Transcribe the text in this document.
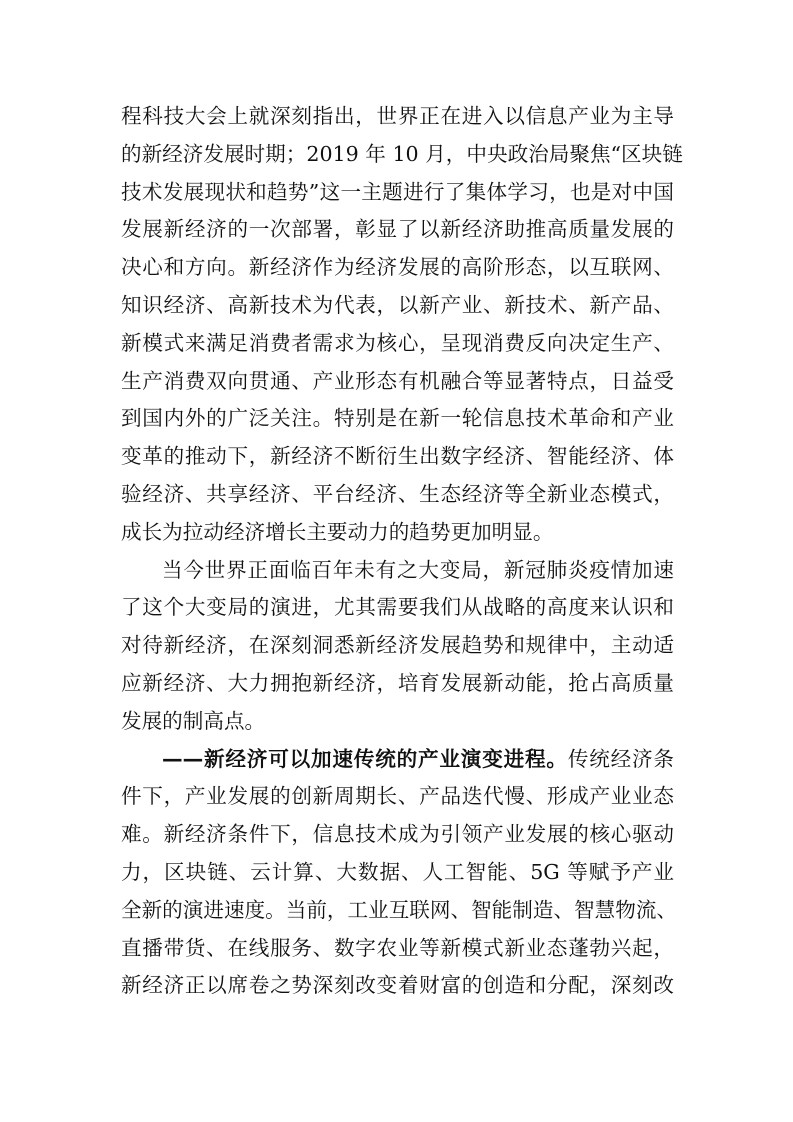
程科技大会上就深刻指出，世界正在进入以信息产业为主导
的新经济发展时期；2019 年 10 月，中央政治局聚焦“区块链
技术发展现状和趋势”这一主题进行了集体学习，也是对中国
发展新经济的一次部署，彰显了以新经济助推高质量发展的
决心和方向。新经济作为经济发展的高阶形态，以互联网、
知识经济、高新技术为代表，以新产业、新技术、新产品、
新模式来满足消费者需求为核心，呈现消费反向决定生产、
生产消费双向贯通、产业形态有机融合等显著特点，日益受
到国内外的广泛关注。特别是在新一轮信息技术革命和产业
变革的推动下，新经济不断衍生出数字经济、智能经济、体
验经济、共享经济、平台经济、生态经济等全新业态模式，
成长为拉动经济增长主要动力的趋势更加明显。
当今世界正面临百年未有之大变局，新冠肺炎疫情加速
了这个大变局的演进，尤其需要我们从战略的高度来认识和
对待新经济，在深刻洞悉新经济发展趋势和规律中，主动适
应新经济、大力拥抱新经济，培育发展新动能，抢占高质量
发展的制高点。
——新经济可以加速传统的产业演变进程。传统经济条
件下，产业发展的创新周期长、产品迭代慢、形成产业业态
难。新经济条件下，信息技术成为引领产业发展的核心驱动
力，区块链、云计算、大数据、人工智能、5G 等赋予产业
全新的演进速度。当前，工业互联网、智能制造、智慧物流、
直播带货、在线服务、数字农业等新模式新业态蓬勃兴起，
新经济正以席卷之势深刻改变着财富的创造和分配，深刻改
